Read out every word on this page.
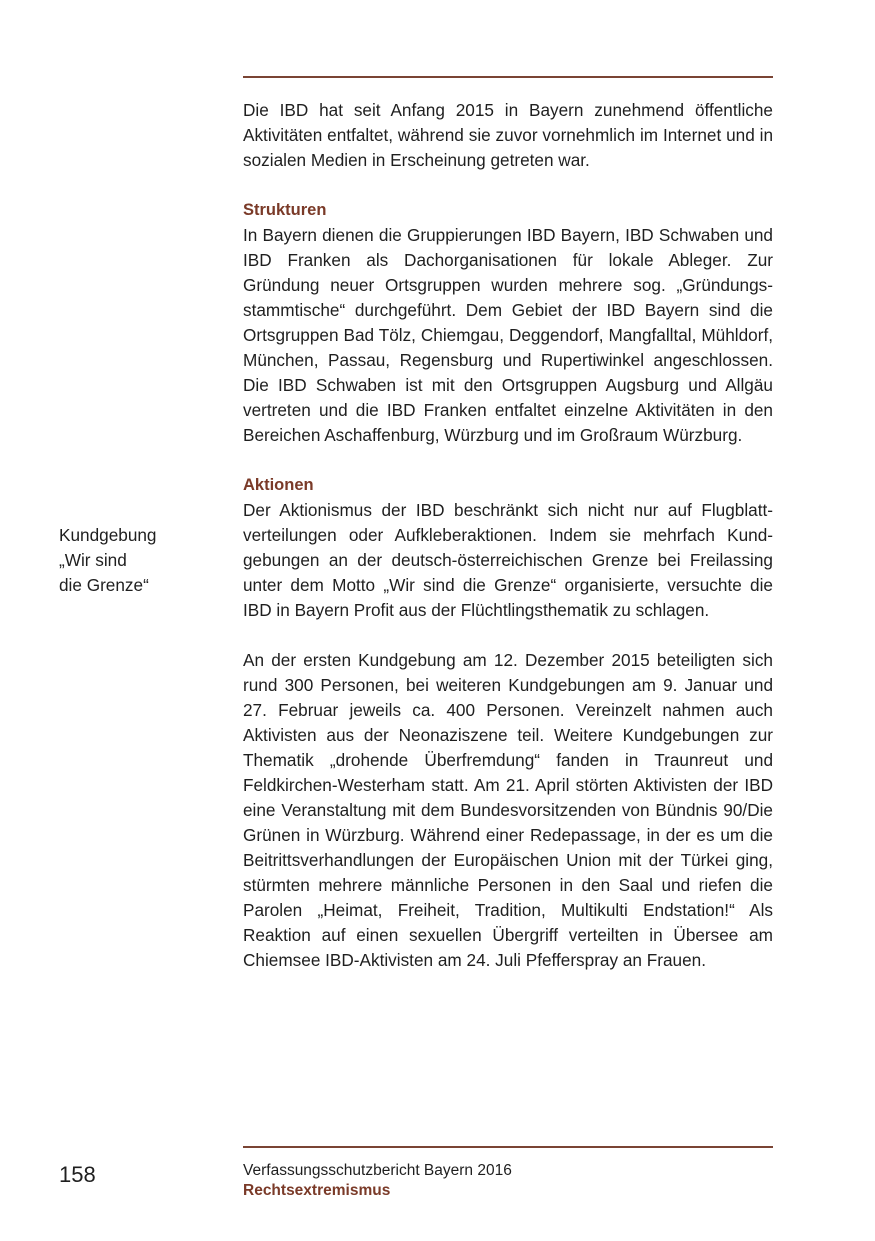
Die IBD hat seit Anfang 2015 in Bayern zunehmend öffentliche Aktivitäten entfaltet, während sie zuvor vornehmlich im Internet und in sozialen Medien in Erscheinung getreten war.

Strukturen

In Bayern dienen die Gruppierungen IBD Bayern, IBD Schwaben und IBD Franken als Dachorganisationen für lokale Ableger. Zur Gründung neuer Ortsgruppen wurden mehrere sog. „Gründungsstammtische“ durchgeführt. Dem Gebiet der IBD Bayern sind die Ortsgruppen Bad Tölz, Chiemgau, Deggendorf, Mangfalltal, Mühldorf, München, Passau, Regensburg und Rupertiwinkel angeschlossen. Die IBD Schwaben ist mit den Ortsgruppen Augsburg und Allgäu vertreten und die IBD Franken entfaltet einzelne Aktivitäten in den Bereichen Aschaffenburg, Würzburg und im Großraum Würzburg.

Aktionen

Der Aktionismus der IBD beschränkt sich nicht nur auf Flugblattverteilungen oder Aufkleberaktionen. Indem sie mehrfach Kundgebungen an der deutsch-österreichischen Grenze bei Freilassing unter dem Motto „Wir sind die Grenze“ organisierte, versuchte die IBD in Bayern Profit aus der Flüchtlingsthematik zu schlagen.

An der ersten Kundgebung am 12. Dezember 2015 beteiligten sich rund 300 Personen, bei weiteren Kundgebungen am 9. Januar und 27. Februar jeweils ca. 400 Personen. Vereinzelt nahmen auch Aktivisten aus der Neonaziszene teil. Weitere Kundgebungen zur Thematik „drohende Überfremdung“ fanden in Traunreut und Feldkirchen-Westerham statt. Am 21. April störten Aktivisten der IBD eine Veranstaltung mit dem Bundesvorsitzenden von Bündnis 90/Die Grünen in Würzburg. Während einer Redepassage, in der es um die Beitrittsverhandlungen der Europäischen Union mit der Türkei ging, stürmten mehrere männliche Personen in den Saal und riefen die Parolen „Heimat, Freiheit, Tradition, Multikulti Endstation!“ Als Reaktion auf einen sexuellen Übergriff verteilten in Übersee am Chiemsee IBD-Aktivisten am 24. Juli Pfefferspray an Frauen.

Kundgebung
„Wir sind
die Grenze“
158	Verfassungsschutzbericht Bayern 2016
Rechtsextremismus
